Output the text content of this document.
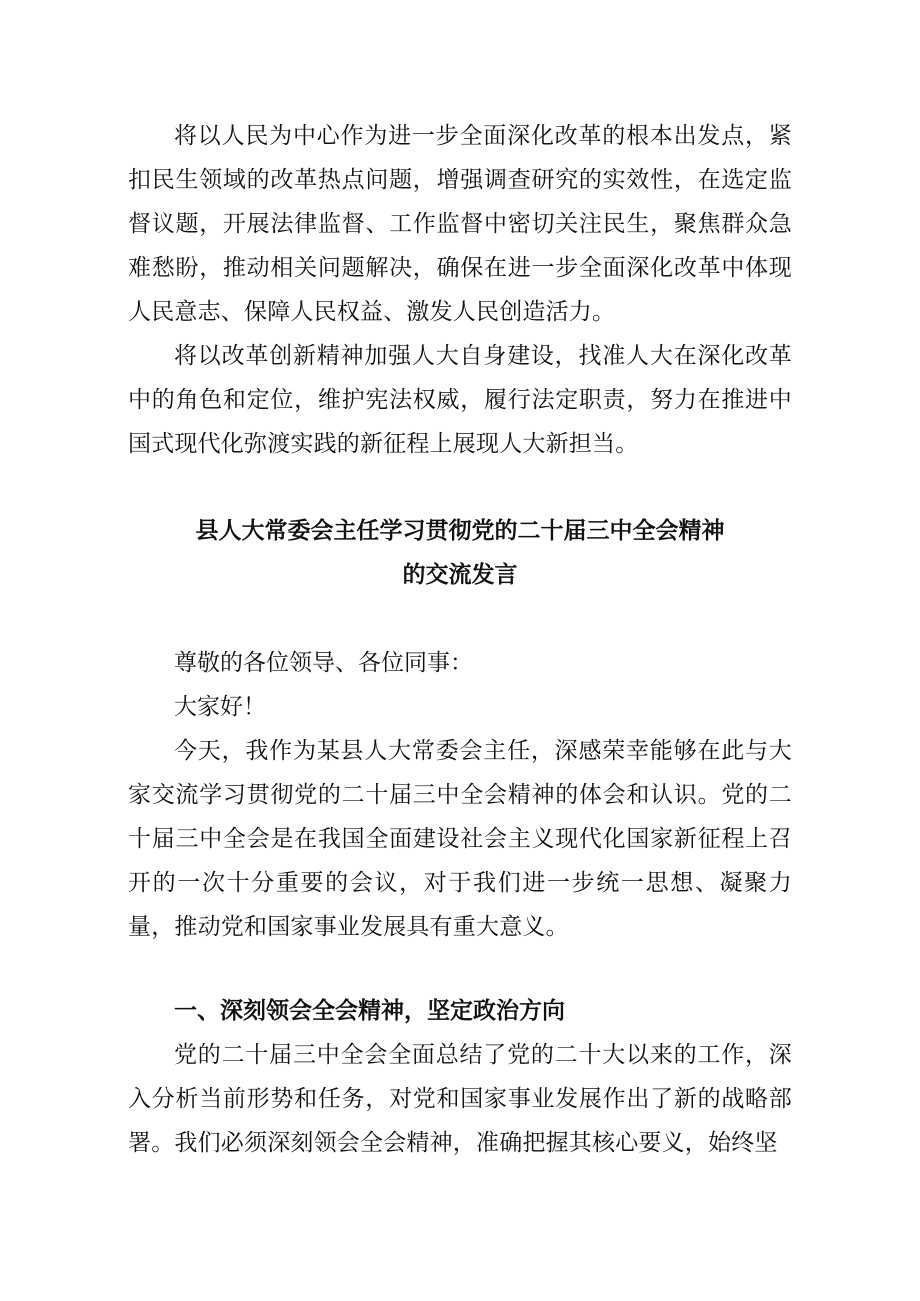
将以人民为中心作为进一步全面深化改革的根本出发点，紧扣民生领域的改革热点问题，增强调查研究的实效性，在选定监督议题，开展法律监督、工作监督中密切关注民生，聚焦群众急难愁盼，推动相关问题解决，确保在进一步全面深化改革中体现人民意志、保障人民权益、激发人民创造活力。

将以改革创新精神加强人大自身建设，找准人大在深化改革中的角色和定位，维护宪法权威，履行法定职责，努力在推进中国式现代化弥渡实践的新征程上展现人大新担当。

县人大常委会主任学习贯彻党的二十届三中全会精神

的交流发言

尊敬的各位领导、各位同事：

大家好！

今天，我作为某县人大常委会主任，深感荣幸能够在此与大家交流学习贯彻党的二十届三中全会精神的体会和认识。党的二十届三中全会是在我国全面建设社会主义现代化国家新征程上召开的一次十分重要的会议，对于我们进一步统一思想、凝聚力量，推动党和国家事业发展具有重大意义。

一、深刻领会全会精神，坚定政治方向

党的二十届三中全会全面总结了党的二十大以来的工作，深入分析当前形势和任务，对党和国家事业发展作出了新的战略部署。我们必须深刻领会全会精神，准确把握其核心要义，始终坚
